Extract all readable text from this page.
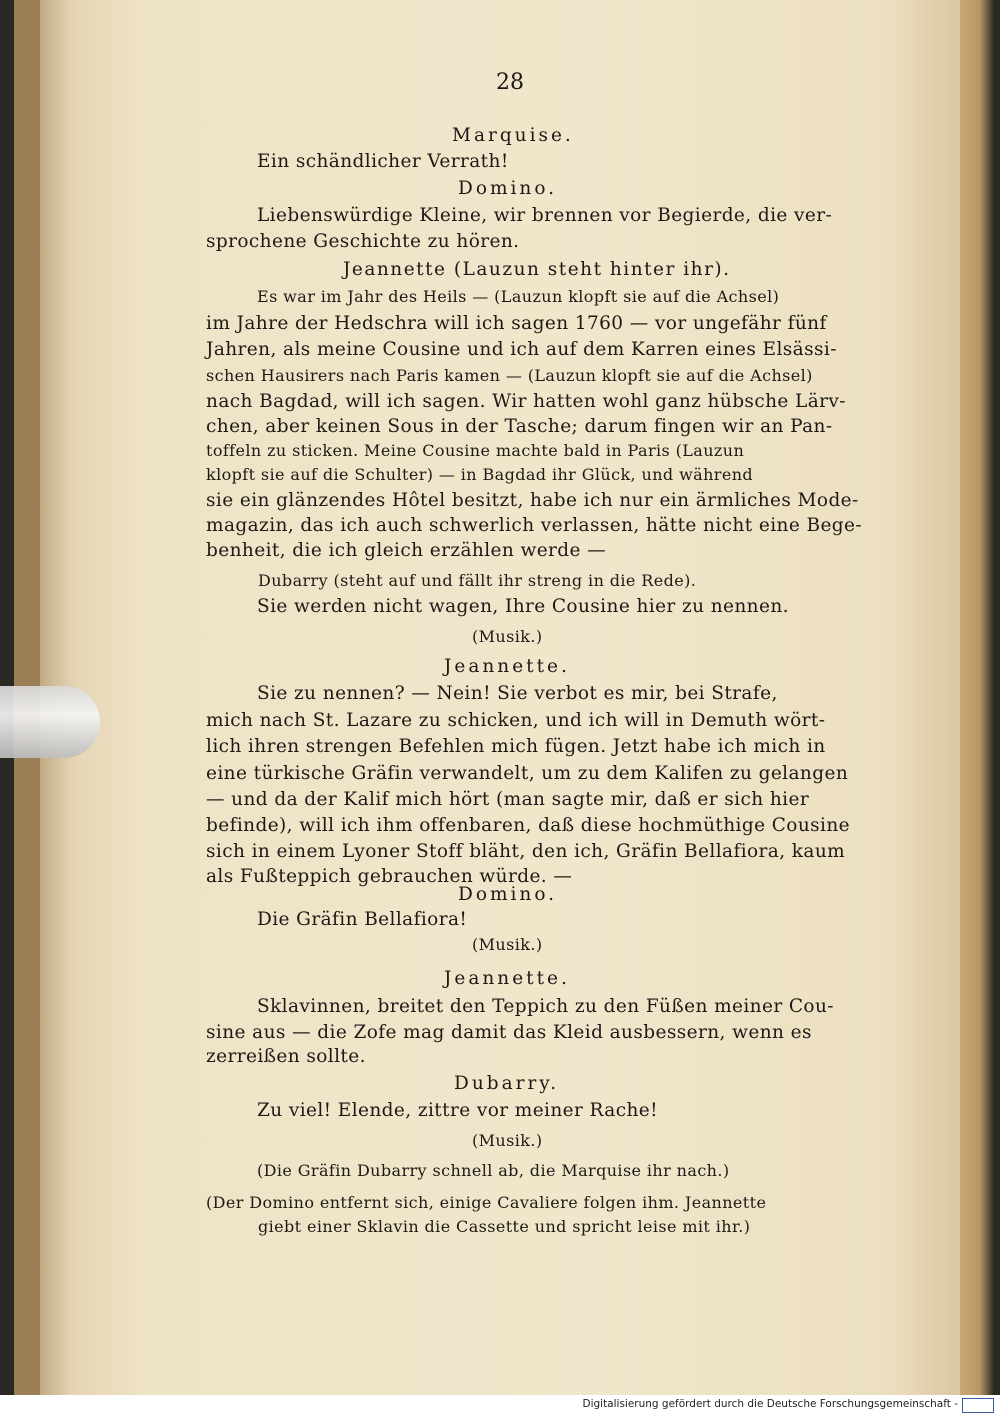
28
Marquise.
Ein schändlicher Verrath!
Domino.
Liebenswürdige Kleine, wir brennen vor Begierde, die ver-
sprochene Geschichte zu hören.
Jeannette (Lauzun steht hinter ihr).
Es war im Jahr des Heils — (Lauzun klopft sie auf die Achsel)
im Jahre der Hedschra will ich sagen 1760 — vor ungefähr fünf
Jahren, als meine Cousine und ich auf dem Karren eines Elsässi-
schen Hausirers nach Paris kamen — (Lauzun klopft sie auf die Achsel)
nach Bagdad, will ich sagen. Wir hatten wohl ganz hübsche Lärv-
chen, aber keinen Sous in der Tasche; darum fingen wir an Pan-
toffeln zu sticken. Meine Cousine machte bald in Paris (Lauzun
klopft sie auf die Schulter) — in Bagdad ihr Glück, und während
sie ein glänzendes Hôtel besitzt, habe ich nur ein ärmliches Mode-
magazin, das ich auch schwerlich verlassen, hätte nicht eine Bege-
benheit, die ich gleich erzählen werde —
Dubarry (steht auf und fällt ihr streng in die Rede).
Sie werden nicht wagen, Ihre Cousine hier zu nennen.
(Musik.)
Jeannette.
Sie zu nennen? — Nein! Sie verbot es mir, bei Strafe,
mich nach St. Lazare zu schicken, und ich will in Demuth wört-
lich ihren strengen Befehlen mich fügen. Jetzt habe ich mich in
eine türkische Gräfin verwandelt, um zu dem Kalifen zu gelangen
— und da der Kalif mich hört (man sagte mir, daß er sich hier
befinde), will ich ihm offenbaren, daß diese hochmüthige Cousine
sich in einem Lyoner Stoff bläht, den ich, Gräfin Bellafiora, kaum
als Fußteppich gebrauchen würde. —
Domino.
Die Gräfin Bellafiora!
(Musik.)
Jeannette.
Sklavinnen, breitet den Teppich zu den Füßen meiner Cou-
sine aus — die Zofe mag damit das Kleid ausbessern, wenn es
zerreißen sollte.
Dubarry.
Zu viel! Elende, zittre vor meiner Rache!
(Musik.)
(Die Gräfin Dubarry schnell ab, die Marquise ihr nach.)
(Der Domino entfernt sich, einige Cavaliere folgen ihm. Jeannette
giebt einer Sklavin die Cassette und spricht leise mit ihr.)
Digitalisierung gefördert durch die Deutsche Forschungsgemeinschaft -
